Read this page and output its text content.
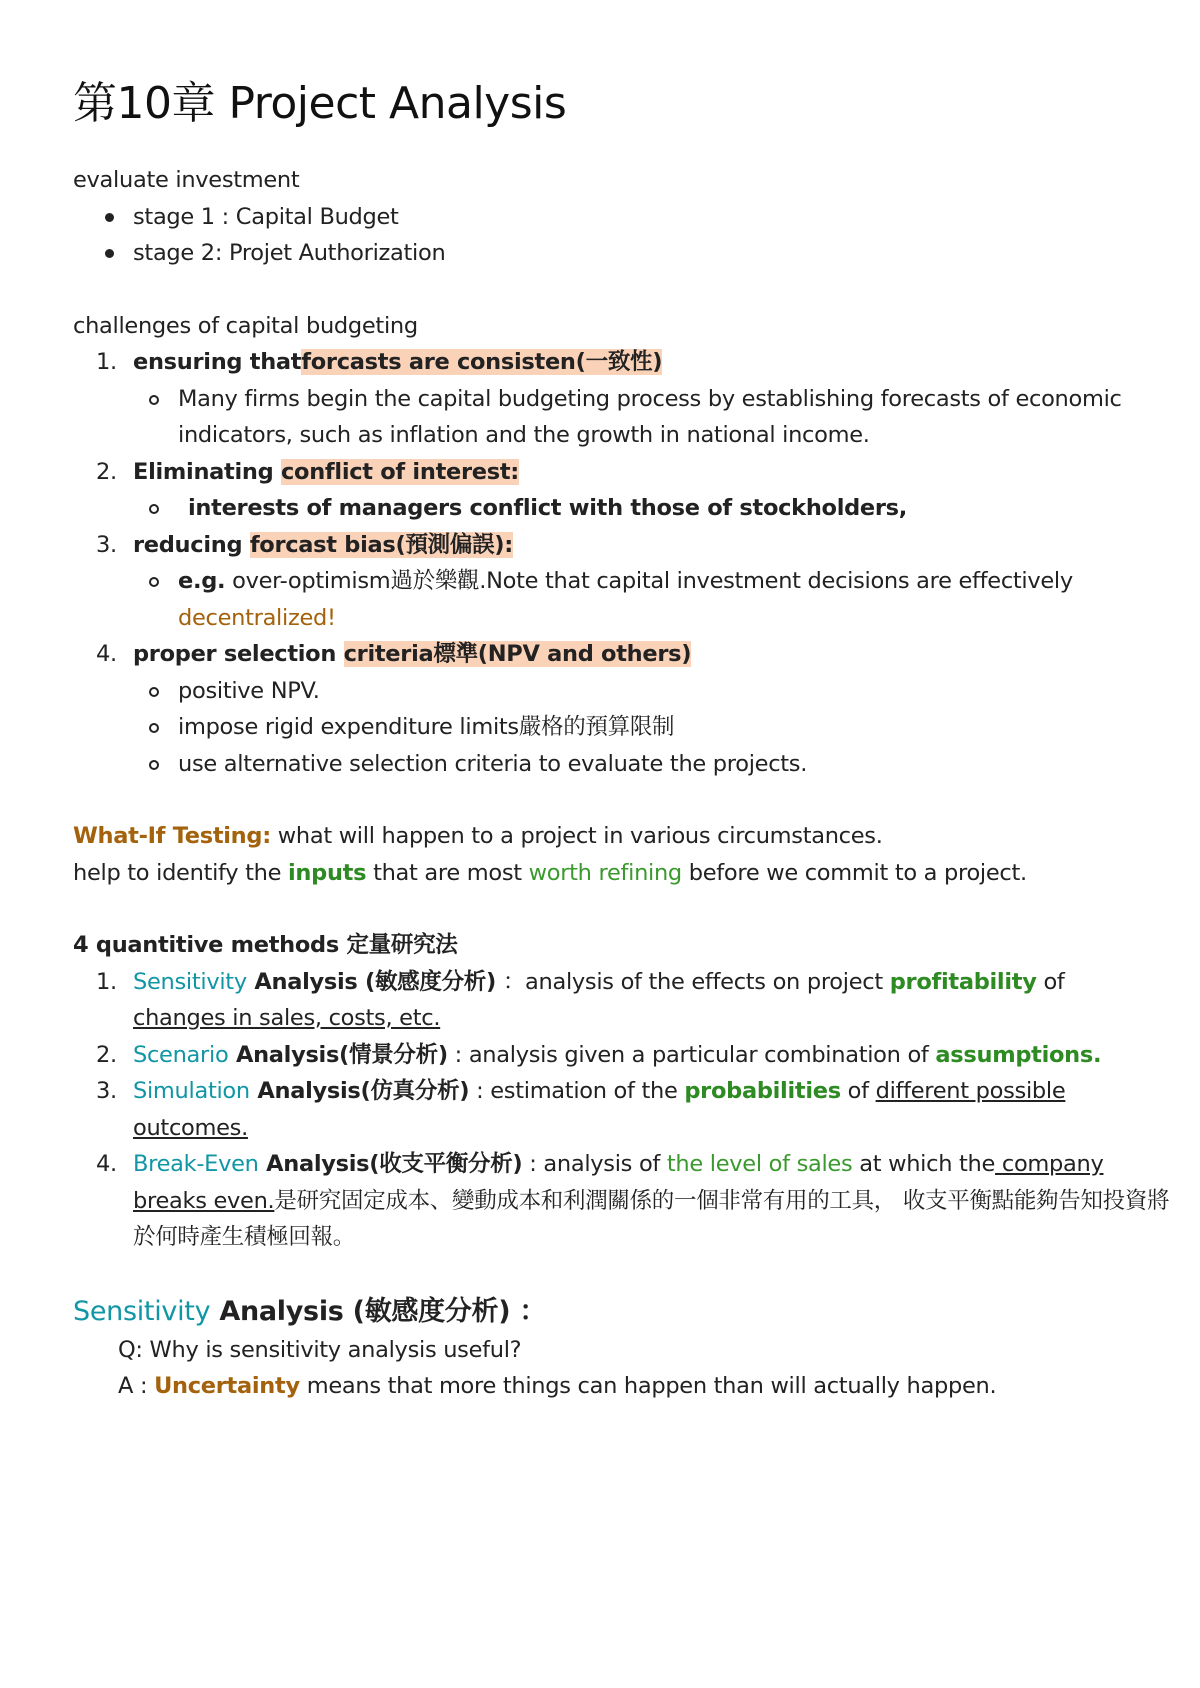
第10章 Project Analysis
evaluate investment
stage 1 : Capital Budget
stage 2: Projet Authorization
challenges of capital budgeting
1. ensuring thatforcasts are consisten(一致性)
Many firms begin the capital budgeting process by establishing forecasts of economic indicators, such as inflation and the growth in national income.
2. Eliminating conflict of interest:
interests of managers conflict with those of stockholders,
3. reducing forcast bias(預測偏誤):
e.g. over-optimism過於樂觀.Note that capital investment decisions are effectively decentralized!
4. proper selection criteria標準(NPV and others)
positive NPV.
impose rigid expenditure limits嚴格的預算限制
use alternative selection criteria to evaluate the projects.
What-If Testing: what will happen to a project in various circumstances.
help to identify the inputs that are most worth refining before we commit to a project.
4 quantitive methods 定量研究法
1. Sensitivity Analysis (敏感度分析) ：analysis of the effects on project profitability of changes in sales, costs, etc.
2. Scenario Analysis(情景分析) : analysis given a particular combination of assumptions.
3. Simulation Analysis(仿真分析) : estimation of the probabilities of different possible outcomes.
4. Break-Even Analysis(收支平衡分析) : analysis of the level of sales at which the company breaks even.是研究固定成本、變動成本和利潤關係的一個非常有用的工具， 收支平衡點能夠告知投資將於何時產生積極回報。
Sensitivity Analysis (敏感度分析) ：
Q: Why is sensitivity analysis useful?
A : Uncertainty means that more things can happen than will actually happen.
